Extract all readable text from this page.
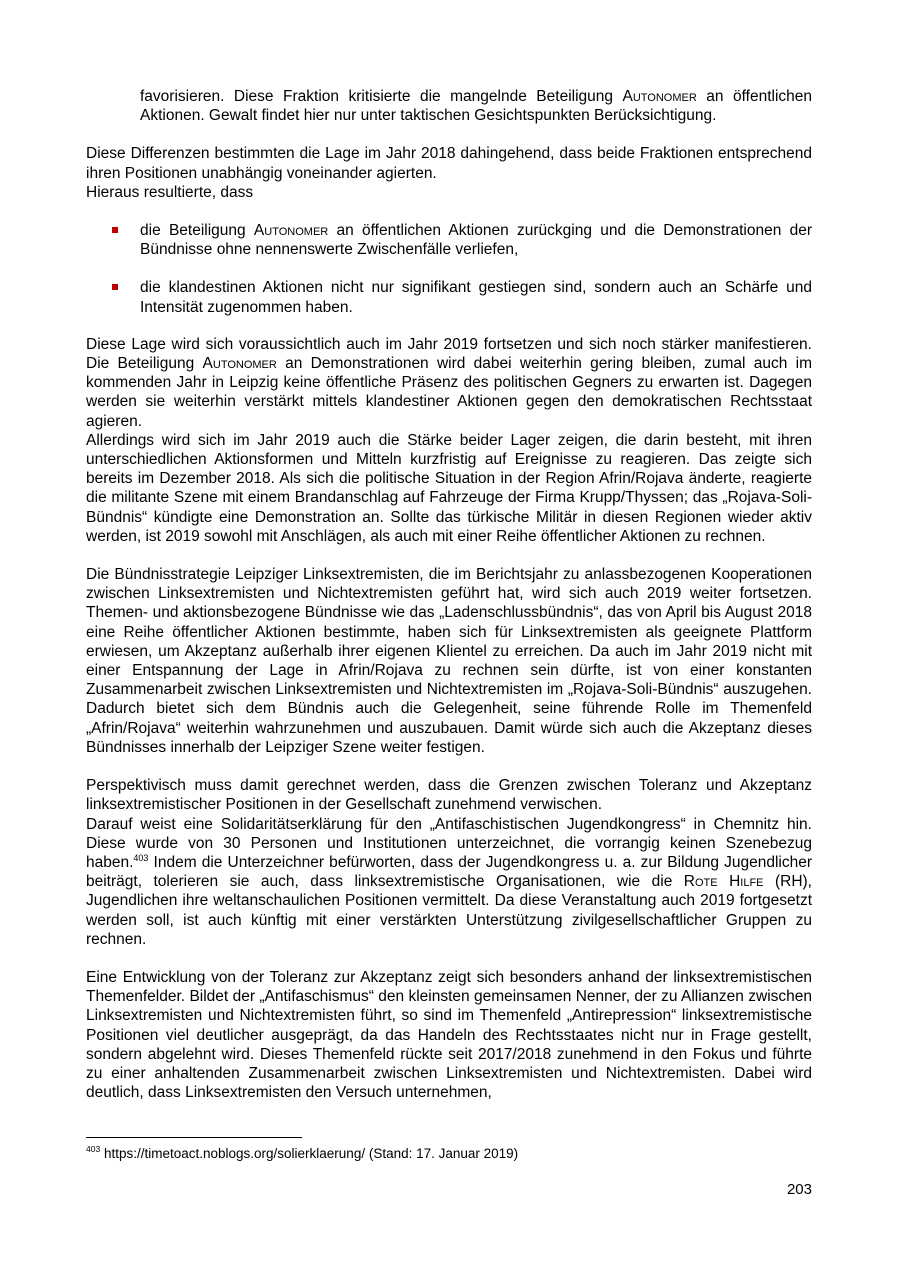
favorisieren. Diese Fraktion kritisierte die mangelnde Beteiligung Autonomer an öffentlichen Aktionen. Gewalt findet hier nur unter taktischen Gesichtspunkten Berücksichtigung.

Diese Differenzen bestimmten die Lage im Jahr 2018 dahingehend, dass beide Fraktionen entsprechend ihren Positionen unabhängig voneinander agierten.

Hieraus resultierte, dass

die Beteiligung Autonomer an öffentlichen Aktionen zurückging und die Demonstrationen der Bündnisse ohne nennenswerte Zwischenfälle verliefen,
die klandestinen Aktionen nicht nur signifikant gestiegen sind, sondern auch an Schärfe und Intensität zugenommen haben.

Diese Lage wird sich voraussichtlich auch im Jahr 2019 fortsetzen und sich noch stärker manifestieren. Die Beteiligung Autonomer an Demonstrationen wird dabei weiterhin gering bleiben, zumal auch im kommenden Jahr in Leipzig keine öffentliche Präsenz des politischen Gegners zu erwarten ist. Dagegen werden sie weiterhin verstärkt mittels klandestiner Aktionen gegen den demokratischen Rechtsstaat agieren.

Allerdings wird sich im Jahr 2019 auch die Stärke beider Lager zeigen, die darin besteht, mit ihren unterschiedlichen Aktionsformen und Mitteln kurzfristig auf Ereignisse zu reagieren. Das zeigte sich bereits im Dezember 2018. Als sich die politische Situation in der Region Afrin/Rojava änderte, reagierte die militante Szene mit einem Brandanschlag auf Fahrzeuge der Firma Krupp/Thyssen; das „Rojava-Soli-Bündnis“ kündigte eine Demonstration an. Sollte das türkische Militär in diesen Regionen wieder aktiv werden, ist 2019 sowohl mit Anschlägen, als auch mit einer Reihe öffentlicher Aktionen zu rechnen.

Die Bündnisstrategie Leipziger Linksextremisten, die im Berichtsjahr zu anlassbezogenen Kooperationen zwischen Linksextremisten und Nichtextremisten geführt hat, wird sich auch 2019 weiter fortsetzen. Themen- und aktionsbezogene Bündnisse wie das „Ladenschlussbündnis“, das von April bis August 2018 eine Reihe öffentlicher Aktionen bestimmte, haben sich für Linksextremisten als geeignete Plattform erwiesen, um Akzeptanz außerhalb ihrer eigenen Klientel zu erreichen. Da auch im Jahr 2019 nicht mit einer Entspannung der Lage in Afrin/Rojava zu rechnen sein dürfte, ist von einer konstanten Zusammenarbeit zwischen Linksextremisten und Nichtextremisten im „Rojava-Soli-Bündnis“ auszugehen. Dadurch bietet sich dem Bündnis auch die Gelegenheit, seine führende Rolle im Themenfeld „Afrin/Rojava“ weiterhin wahrzunehmen und auszubauen. Damit würde sich auch die Akzeptanz dieses Bündnisses innerhalb der Leipziger Szene weiter festigen.

Perspektivisch muss damit gerechnet werden, dass die Grenzen zwischen Toleranz und Akzeptanz linksextremistischer Positionen in der Gesellschaft zunehmend verwischen.

Darauf weist eine Solidaritätserklärung für den „Antifaschistischen Jugendkongress“ in Chemnitz hin. Diese wurde von 30 Personen und Institutionen unterzeichnet, die vorrangig keinen Szenebezug haben.$^{403}$ Indem die Unterzeichner befürworten, dass der Jugendkongress u. a. zur Bildung Jugendlicher beiträgt, tolerieren sie auch, dass linksextremistische Organisationen, wie die Rote Hilfe (RH), Jugendlichen ihre weltanschaulichen Positionen vermittelt. Da diese Veranstaltung auch 2019 fortgesetzt werden soll, ist auch künftig mit einer verstärkten Unterstützung zivilgesellschaftlicher Gruppen zu rechnen.

Eine Entwicklung von der Toleranz zur Akzeptanz zeigt sich besonders anhand der linksextremistischen Themenfelder. Bildet der „Antifaschismus“ den kleinsten gemeinsamen Nenner, der zu Allianzen zwischen Linksextremisten und Nichtextremisten führt, so sind im Themenfeld „Antirepression“ linksextremistische Positionen viel deutlicher ausgeprägt, da das Handeln des Rechtsstaates nicht nur in Frage gestellt, sondern abgelehnt wird. Dieses Themenfeld rückte seit 2017/2018 zunehmend in den Fokus und führte zu einer anhaltenden Zusammenarbeit zwischen Linksextremisten und Nichtextremisten. Dabei wird deutlich, dass Linksextremisten den Versuch unternehmen,

$^{403}$ https://timetoact.noblogs.org/solierklaerung/ (Stand: 17. Januar 2019)
203
